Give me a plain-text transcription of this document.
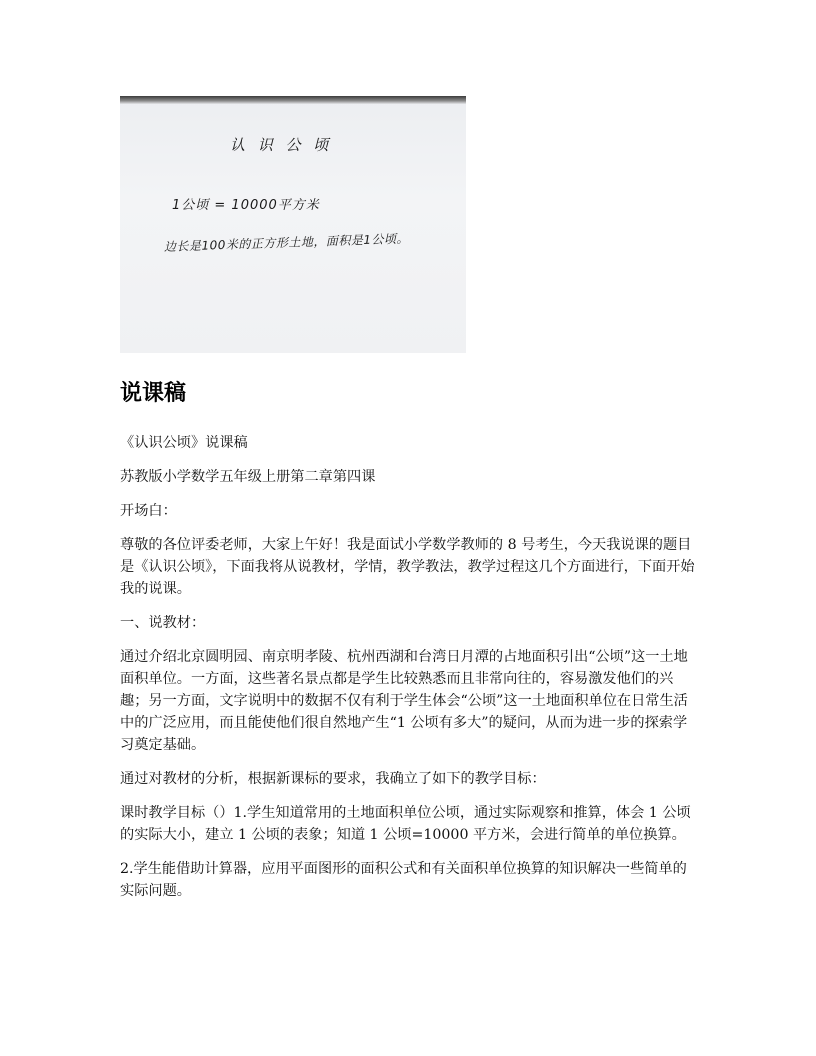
认 识 公 顷
1公顷 = 10000平方米
边长是100米的正方形土地，面积是1公顷。
说课稿

《认识公顷》说课稿

苏教版小学数学五年级上册第二章第四课

开场白：

尊敬的各位评委老师，大家上午好！我是面试小学数学教师的 8 号考生，今天我说课的题目是《认识公顷》，下面我将从说教材，学情，教学教法，教学过程这几个方面进行，下面开始我的说课。

一、说教材：

通过介绍北京圆明园、南京明孝陵、杭州西湖和台湾日月潭的占地面积引出“公顷”这一土地面积单位。一方面，这些著名景点都是学生比较熟悉而且非常向往的，容易激发他们的兴趣；另一方面，文字说明中的数据不仅有利于学生体会“公顷”这一土地面积单位在日常生活中的广泛应用，而且能使他们很自然地产生“1 公顷有多大”的疑问，从而为进一步的探索学习奠定基础。

通过对教材的分析，根据新课标的要求，我确立了如下的教学目标：

课时教学目标（）1.学生知道常用的土地面积单位公顷，通过实际观察和推算，体会 1 公顷的实际大小，建立 1 公顷的表象；知道 1 公顷=10000 平方米，会进行简单的单位换算。

2.学生能借助计算器，应用平面图形的面积公式和有关面积单位换算的知识解决一些简单的实际问题。
